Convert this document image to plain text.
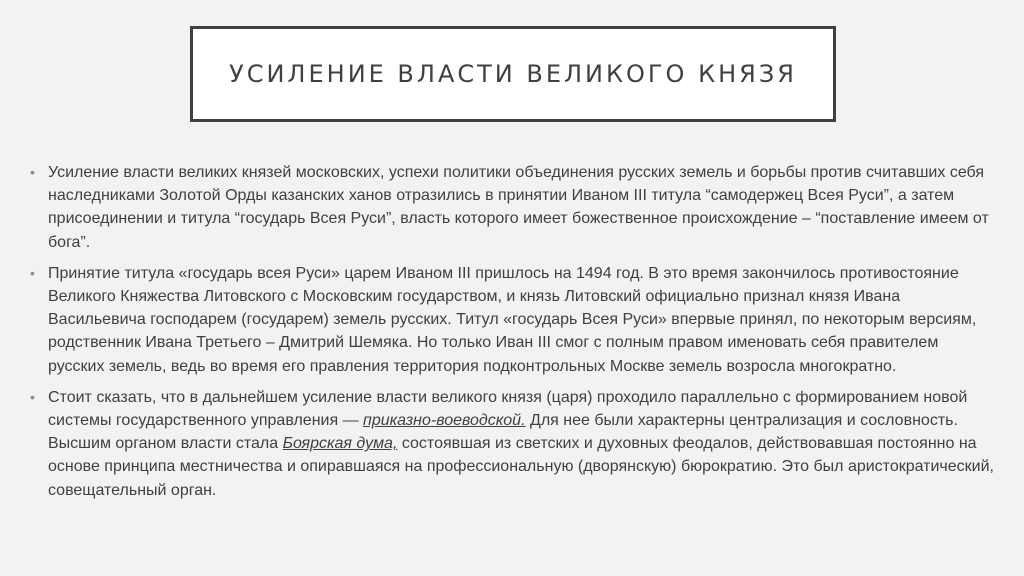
УСИЛЕНИЕ ВЛАСТИ ВЕЛИКОГО КНЯЗЯ
• Усиление власти великих князей московских, успехи политики объединения русских земель и борьбы против считавших себя наследниками Золотой Орды казанских ханов отразились в принятии Иваном III титула “самодержец Всея Руси”, а затем присоединении и титула “государь Всея Руси”, власть которого имеет божественное происхождение – “поставление имеем от бога”.
• Принятие титула «государь всея Руси» царем Иваном III пришлось на 1494 год. В это время закончилось противостояние Великого Княжества Литовского с Московским государством, и князь Литовский официально признал князя Ивана Васильевича господарем (государем) земель русских. Титул «государь Всея Руси» впервые принял, по некоторым версиям, родственник Ивана Третьего – Дмитрий Шемяка. Но только Иван III смог с полным правом именовать себя правителем русских земель, ведь во время его правления территория подконтрольных Москве земель возросла многократно.
• Стоит сказать, что в дальнейшем усиление власти великого князя (царя) проходило параллельно с формированием новой системы государственного управления — приказно-воеводской. Для нее были характерны централизация и сословность. Высшим органом власти стала Боярская дума, состоявшая из светских и духовных феодалов, действовавшая постоянно на основе принципа местничества и опиравшаяся на профессиональную (дворянскую) бюрократию. Это был аристократический, совещательный орган.
